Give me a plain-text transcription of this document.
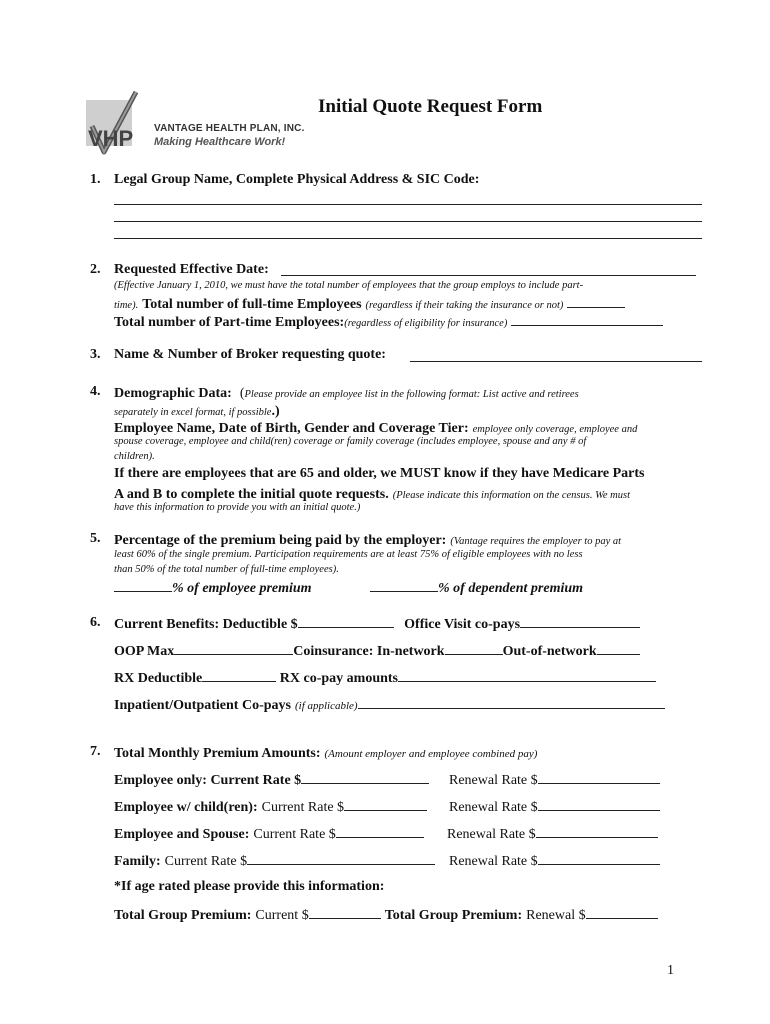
VHP VANTAGE HEALTH PLAN, INC.
Making Healthcare Work!
Initial Quote Request Form
1. Legal Group Name, Complete Physical Address & SIC Code:
2. Requested Effective Date:
(Effective January 1, 2010, we must have the total number of employees that the group employs to include part-
time). Total number of full-time Employees (regardless if their taking the insurance or not)
Total number of Part-time Employees:(regardless of eligibility for insurance)
3. Name & Number of Broker requesting quote:
4. Demographic Data: (Please provide an employee list in the following format: List active and retirees
separately in excel format, if possible.)
Employee Name, Date of Birth, Gender and Coverage Tier: employee only coverage, employee and
spouse coverage, employee and child(ren) coverage or family coverage (includes employee, spouse and any # of
children).
If there are employees that are 65 and older, we MUST know if they have Medicare Parts
A and B to complete the initial quote requests. (Please indicate this information on the census. We must
have this information to provide you with an initial quote.)
5. Percentage of the premium being paid by the employer: (Vantage requires the employer to pay at
least 60% of the single premium. Participation requirements are at least 75% of eligible employees with no less
than 50% of the total number of full-time employees).
% of employee premium	% of dependent premium
6. Current Benefits: Deductible $	Office Visit co-pays
OOP Max	Coinsurance: In-network	Out-of-network
RX Deductible	RX co-pay amounts
Inpatient/Outpatient Co-pays (if applicable)
7. Total Monthly Premium Amounts: (Amount employer and employee combined pay)
Employee only: Current Rate $	Renewal Rate $
Employee w/ child(ren): Current Rate $	Renewal Rate $
Employee and Spouse: Current Rate $	Renewal Rate $
Family: Current Rate $	Renewal Rate $
*If age rated please provide this information:
Total Group Premium: Current $	Total Group Premium: Renewal $
1
